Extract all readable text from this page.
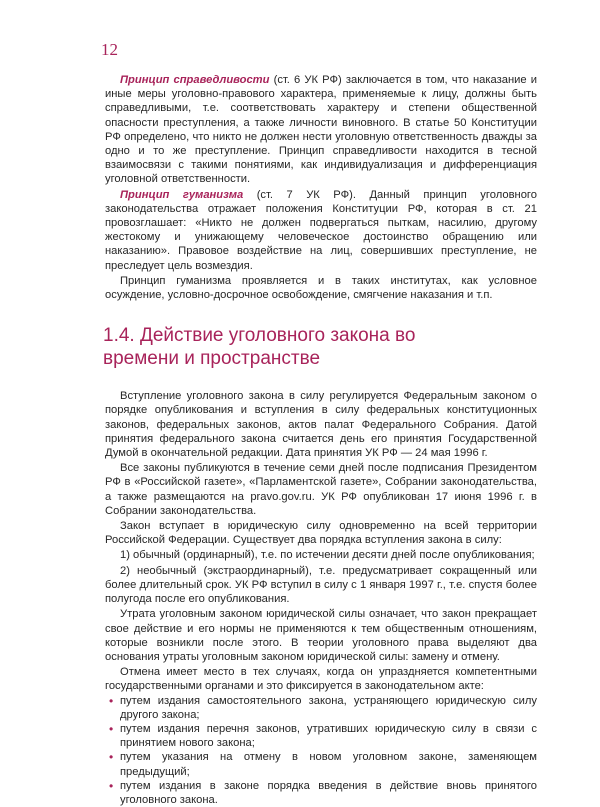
12

Принцип справедливости (ст. 6 УК РФ) заключается в том, что наказание и иные меры уголовно-правового характера, применяемые к лицу, должны быть справедливыми, т.е. соответствовать характеру и степени общественной опасности преступления, а также личности виновного. В статье 50 Конституции РФ определено, что никто не должен нести уголовную ответственность дважды за одно и то же преступление. Принцип справедливости находится в тесной взаимосвязи с такими понятиями, как индивидуализация и дифференциация уголовной ответственности.

Принцип гуманизма (ст. 7 УК РФ). Данный принцип уголовного законодательства отражает положения Конституции РФ, которая в ст. 21 провозглашает: «Никто не должен подвергаться пыткам, насилию, другому жестокому и унижающему человеческое достоинство обращению или наказанию». Правовое воздействие на лиц, совершивших преступление, не преследует цель возмездия.

Принцип гуманизма проявляется и в таких институтах, как условное осуждение, условно-досрочное освобождение, смягчение наказания и т.п.

1.4. Действие уголовного закона во времени и пространстве

Вступление уголовного закона в силу регулируется Федеральным законом о порядке опубликования и вступления в силу федеральных конституционных законов, федеральных законов, актов палат Федерального Собрания. Датой принятия федерального закона считается день его принятия Государственной Думой в окончательной редакции. Дата принятия УК РФ — 24 мая 1996 г.

Все законы публикуются в течение семи дней после подписания Президентом РФ в «Российской газете», «Парламентской газете», Собрании законодательства, а также размещаются на pravo.gov.ru. УК РФ опубликован 17 июня 1996 г. в Собрании законодательства.

Закон вступает в юридическую силу одновременно на всей территории Российской Федерации. Существует два порядка вступления закона в силу:

1) обычный (ординарный), т.е. по истечении десяти дней после опубликования;

2) необычный (экстраординарный), т.е. предусматривает сокращенный или более длительный срок. УК РФ вступил в силу с 1 января 1997 г., т.е. спустя более полугода после его опубликования.

Утрата уголовным законом юридической силы означает, что закон прекращает свое действие и его нормы не применяются к тем общественным отношениям, которые возникли после этого. В теории уголовного права выделяют два основания утраты уголовным законом юридической силы: замену и отмену.

Отмена имеет место в тех случаях, когда он упраздняется компетентными государственными органами и это фиксируется в законодательном акте:

• путем издания самостоятельного закона, устраняющего юридическую силу другого закона;
• путем издания перечня законов, утративших юридическую силу в связи с принятием нового закона;
• путем указания на отмену в новом уголовном законе, заменяющем предыдущий;
• путем издания в законе порядка введения в действие вновь принятого уголовного закона.
